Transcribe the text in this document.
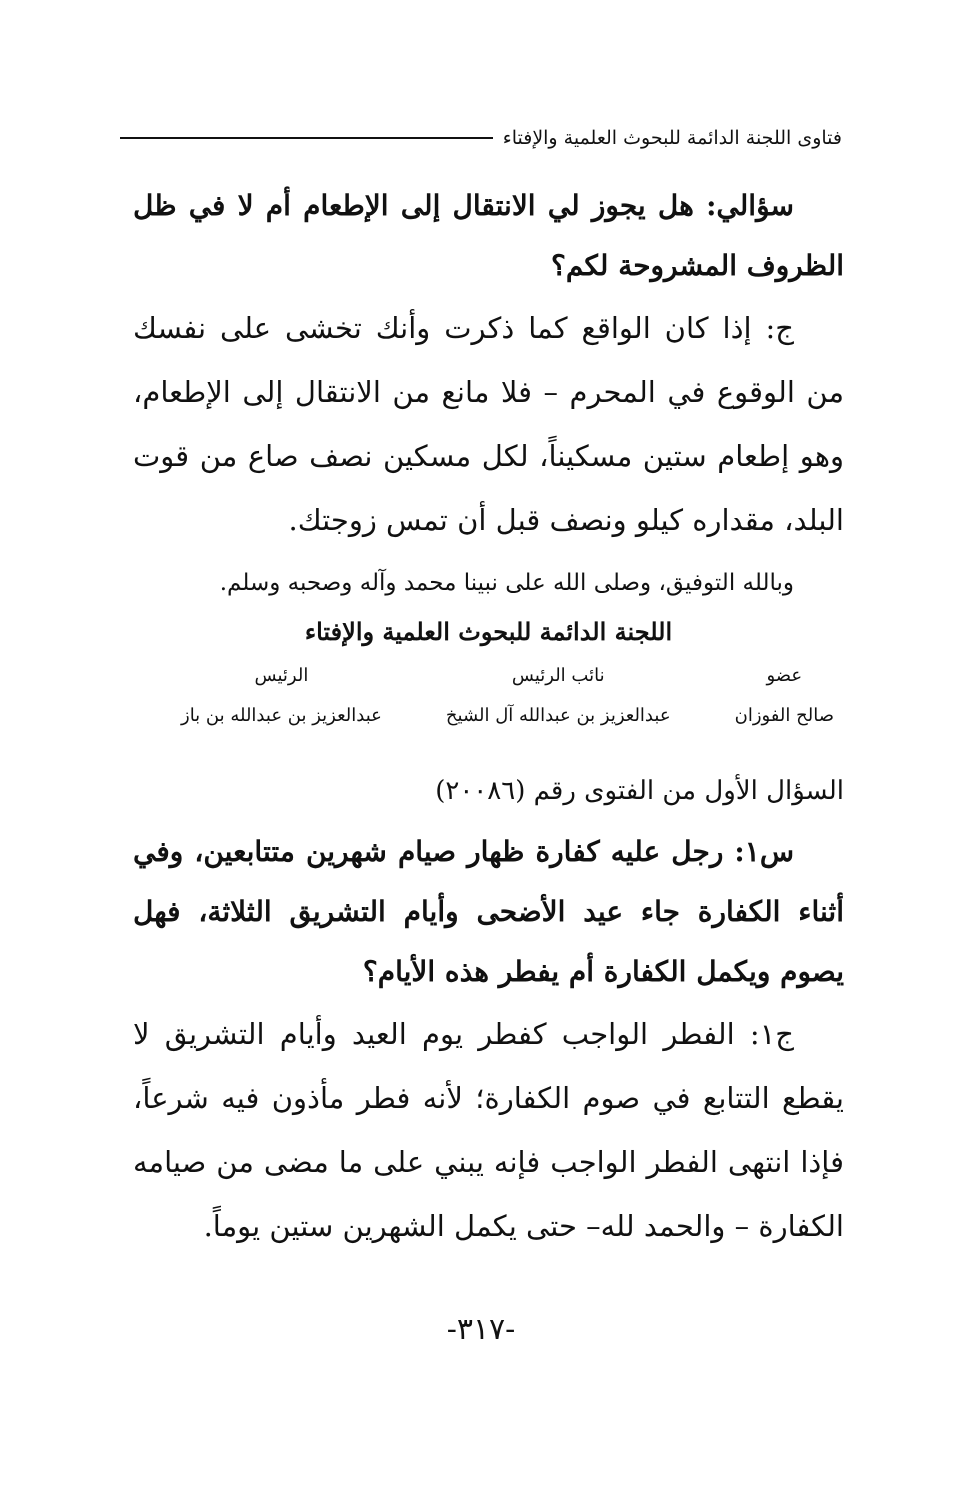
فتاوى اللجنة الدائمة للبحوث العلمية والإفتاء

سؤالي: هل يجوز لي الانتقال إلى الإطعام أم لا في ظل الظروف المشروحة لكم؟

ج: إذا كان الواقع كما ذكرت وأنك تخشى على نفسك من الوقوع في المحرم – فلا مانع من الانتقال إلى الإطعام، وهو إطعام ستين مسكيناً، لكل مسكين نصف صاع من قوت البلد، مقداره كيلو ونصف قبل أن تمس زوجتك.

وبالله التوفيق، وصلى الله على نبينا محمد وآله وصحبه وسلم.

اللجنة الدائمة للبحوث العلمية والإفتاء
عضو
صالح الفوزان
نائب الرئيس
عبدالعزيز بن عبدالله آل الشيخ
الرئيس
عبدالعزيز بن عبدالله بن باز
السؤال الأول من الفتوى رقم (٢٠٠٨٦)

س١: رجل عليه كفارة ظهار صيام شهرين متتابعين، وفي أثناء الكفارة جاء عيد الأضحى وأيام التشريق الثلاثة، فهل يصوم ويكمل الكفارة أم يفطر هذه الأيام؟

ج١: الفطر الواجب كفطر يوم العيد وأيام التشريق لا يقطع التتابع في صوم الكفارة؛ لأنه فطر مأذون فيه شرعاً، فإذا انتهى الفطر الواجب فإنه يبني على ما مضى من صيامه الكفارة – والحمد لله– حتى يكمل الشهرين ستين يوماً.

-٣١٧-
